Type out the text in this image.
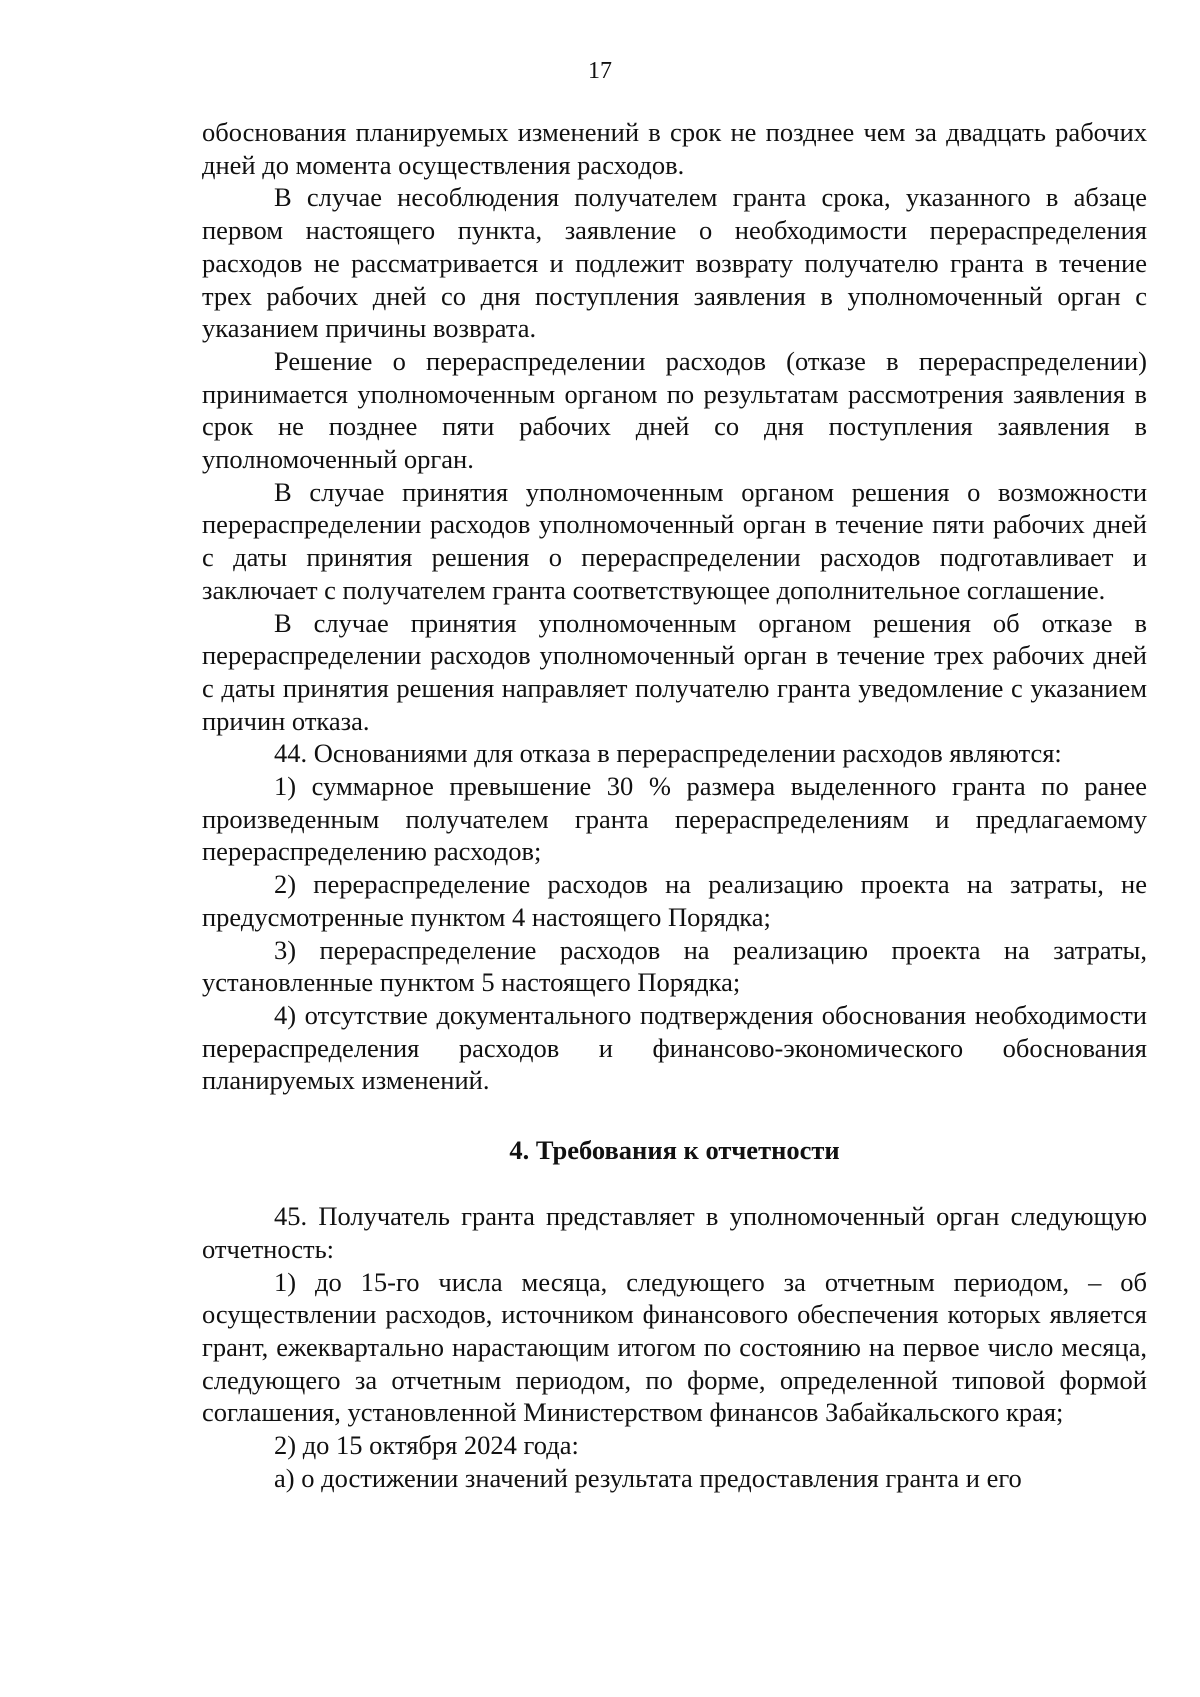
17

обоснования планируемых изменений в срок не позднее чем за двадцать рабочих дней до момента осуществления расходов.

В случае несоблюдения получателем гранта срока, указанного в абзаце первом настоящего пункта, заявление о необходимости перераспределения расходов не рассматривается и подлежит возврату получателю гранта в течение трех рабочих дней со дня поступления заявления в уполномоченный орган с указанием причины возврата.

Решение о перераспределении расходов (отказе в перераспределении) принимается уполномоченным органом по результатам рассмотрения заявления в срок не позднее пяти рабочих дней со дня поступления заявления в уполномоченный орган.

В случае принятия уполномоченным органом решения о возможности перераспределении расходов уполномоченный орган в течение пяти рабочих дней с даты принятия решения о перераспределении расходов подготавливает и заключает с получателем гранта соответствующее дополнительное соглашение.

В случае принятия уполномоченным органом решения об отказе в перераспределении расходов уполномоченный орган в течение трех рабочих дней с даты принятия решения направляет получателю гранта уведомление с указанием причин отказа.

44. Основаниями для отказа в перераспределении расходов являются:

1) суммарное превышение 30 % размера выделенного гранта по ранее произведенным получателем гранта перераспределениям и предлагаемому перераспределению расходов;

2) перераспределение расходов на реализацию проекта на затраты, не предусмотренные пунктом 4 настоящего Порядка;

3) перераспределение расходов на реализацию проекта на затраты, установленные пунктом 5 настоящего Порядка;

4) отсутствие документального подтверждения обоснования необходимости перераспределения расходов и финансово-экономического обоснования планируемых изменений.

4. Требования к отчетности

45. Получатель гранта представляет в уполномоченный орган следующую отчетность:

1) до 15-го числа месяца, следующего за отчетным периодом, – об осуществлении расходов, источником финансового обеспечения которых является грант, ежеквартально нарастающим итогом по состоянию на первое число месяца, следующего за отчетным периодом, по форме, определенной типовой формой соглашения, установленной Министерством финансов Забайкальского края;

2) до 15 октября 2024 года:

а) о достижении значений результата предоставления гранта и его
